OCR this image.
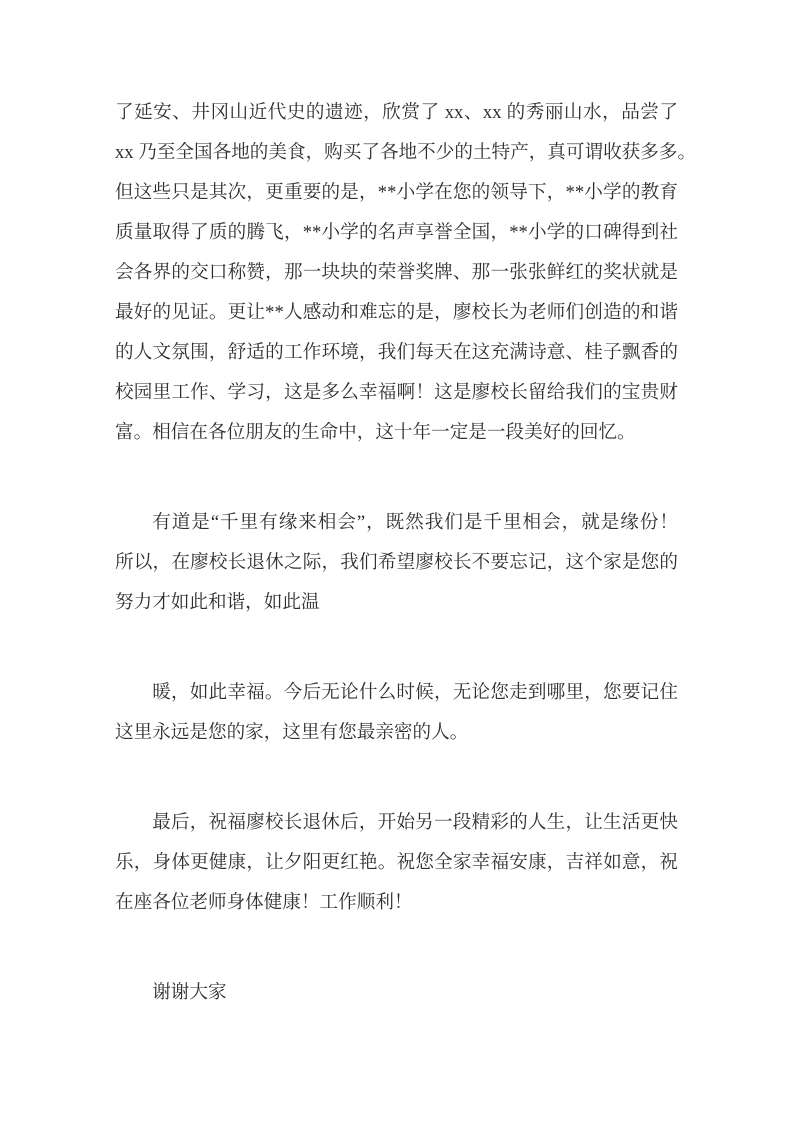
了延安、井冈山近代史的遗迹，欣赏了 xx、xx 的秀丽山水，品尝了
xx 乃至全国各地的美食，购买了各地不少的土特产，真可谓收获多多。
但这些只是其次，更重要的是，**小学在您的领导下，**小学的教育
质量取得了质的腾飞，**小学的名声享誉全国，**小学的口碑得到社
会各界的交口称赞，那一块块的荣誉奖牌、那一张张鲜红的奖状就是
最好的见证。更让**人感动和难忘的是，廖校长为老师们创造的和谐
的人文氛围，舒适的工作环境，我们每天在这充满诗意、桂子飘香的
校园里工作、学习，这是多么幸福啊！这是廖校长留给我们的宝贵财
富。相信在各位朋友的生命中，这十年一定是一段美好的回忆。

有道是“千里有缘来相会”，既然我们是千里相会，就是缘份！
所以，在廖校长退休之际，我们希望廖校长不要忘记，这个家是您的
努力才如此和谐，如此温

暖，如此幸福。今后无论什么时候，无论您走到哪里，您要记住
这里永远是您的家，这里有您最亲密的人。

最后，祝福廖校长退休后，开始另一段精彩的人生，让生活更快
乐，身体更健康，让夕阳更红艳。祝您全家幸福安康，吉祥如意，祝
在座各位老师身体健康！工作顺利！

谢谢大家
